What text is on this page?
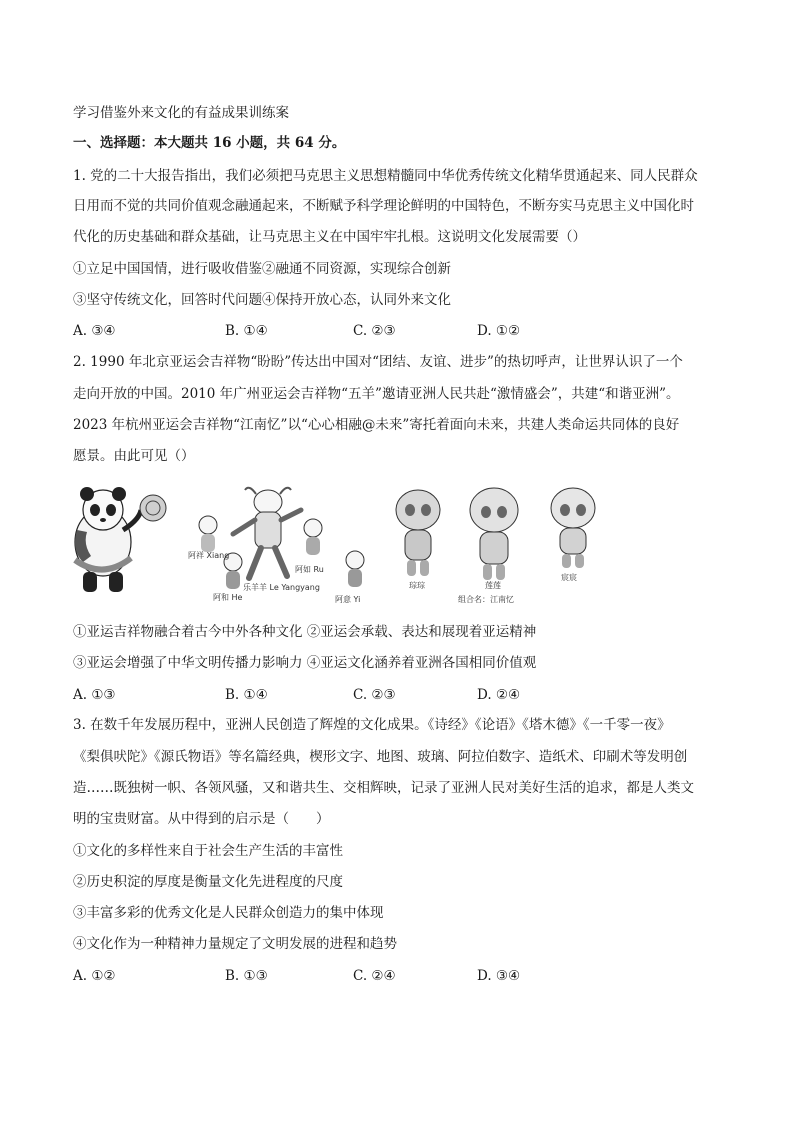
学习借鉴外来文化的有益成果训练案
一、选择题：本大题共 16 小题，共 64 分。
1. 党的二十大报告指出，我们必须把马克思主义思想精髓同中华优秀传统文化精华贯通起来、同人民群众
日用而不觉的共同价值观念融通起来，不断赋予科学理论鲜明的中国特色，不断夯实马克思主义中国化时
代化的历史基础和群众基础，让马克思主义在中国牢牢扎根。这说明文化发展需要（）
①立足中国国情，进行吸收借鉴②融通不同资源，实现综合创新
③坚守传统文化，回答时代问题④保持开放心态，认同外来文化
A. ③④	B. ①④	C. ②③	D. ①②
2. 1990 年北京亚运会吉祥物“盼盼”传达出中国对“团结、友谊、进步”的热切呼声，让世界认识了一个
走向开放的中国。2010 年广州亚运会吉祥物“五羊”邀请亚洲人民共赴“激情盛会”，共建“和谐亚洲”。
2023 年杭州亚运会吉祥物“江南忆”以“心心相融@未来”寄托着面向未来，共建人类命运共同体的良好
愿景。由此可见（）
阿祥 Xiang
阿和 He
乐羊羊 Le Yangyang
阿如 Ru
阿意 Yi
琮琮	莲莲
宸宸
组合名：江南忆
①亚运吉祥物融合着古今中外各种文化 ②亚运会承载、表达和展现着亚运精神
③亚运会增强了中华文明传播力影响力 ④亚运文化涵养着亚洲各国相同价值观
A. ①③	B. ①④	C. ②③	D. ②④
3. 在数千年发展历程中，亚洲人民创造了辉煌的文化成果。《诗经》《论语》《塔木德》《一千零一夜》
《梨俱吠陀》《源氏物语》等名篇经典，楔形文字、地图、玻璃、阿拉伯数字、造纸术、印刷术等发明创
造……既独树一帜、各领风骚，又和谐共生、交相辉映，记录了亚洲人民对美好生活的追求，都是人类文
明的宝贵财富。从中得到的启示是（　　）
①文化的多样性来自于社会生产生活的丰富性
②历史积淀的厚度是衡量文化先进程度的尺度
③丰富多彩的优秀文化是人民群众创造力的集中体现
④文化作为一种精神力量规定了文明发展的进程和趋势
A. ①②	B. ①③	C. ②④	D. ③④
